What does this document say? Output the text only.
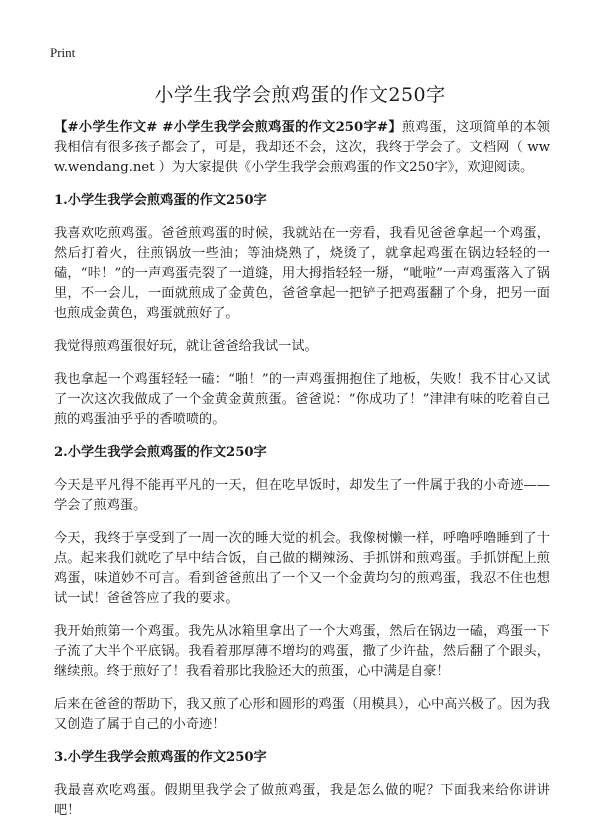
Print
小学生我学会煎鸡蛋的作文250字

【#小学生作文# #小学生我学会煎鸡蛋的作文250字#】煎鸡蛋，这项简单的本领我相信有很多孩子都会了，可是，我却还不会，这次，我终于学会了。文档网（ www.wendang.net ）为大家提供《小学生我学会煎鸡蛋的作文250字》，欢迎阅读。

1.小学生我学会煎鸡蛋的作文250字

我喜欢吃煎鸡蛋。爸爸煎鸡蛋的时候，我就站在一旁看，我看见爸爸拿起一个鸡蛋，然后打着火，往煎锅放一些油；等油烧熟了，烧烫了，就拿起鸡蛋在锅边轻轻的一磕，“咔！”的一声鸡蛋壳裂了一道缝，用大拇指轻轻一掰，“呲啦”一声鸡蛋落入了锅里，不一会儿，一面就煎成了金黄色，爸爸拿起一把铲子把鸡蛋翻了个身，把另一面也煎成金黄色，鸡蛋就煎好了。

我觉得煎鸡蛋很好玩，就让爸爸给我试一试。

我也拿起一个鸡蛋轻轻一磕：“啪！”的一声鸡蛋拥抱住了地板，失败！我不甘心又试了一次这次我做成了一个金黄金黄煎蛋。爸爸说：“你成功了！”津津有味的吃着自己煎的鸡蛋油乎乎的香喷喷的。

2.小学生我学会煎鸡蛋的作文250字

今天是平凡得不能再平凡的一天，但在吃早饭时，却发生了一件属于我的小奇迹——学会了煎鸡蛋。

今天，我终于享受到了一周一次的睡大觉的机会。我像树懒一样，呼噜呼噜睡到了十点。起来我们就吃了早中结合饭，自己做的糊辣汤、手抓饼和煎鸡蛋。手抓饼配上煎鸡蛋，味道妙不可言。看到爸爸煎出了一个又一个金黄均匀的煎鸡蛋，我忍不住也想试一试！爸爸答应了我的要求。

我开始煎第一个鸡蛋。我先从冰箱里拿出了一个大鸡蛋，然后在锅边一磕，鸡蛋一下子流了大半个平底锅。我看着那厚薄不增均的鸡蛋，撒了少许盐，然后翻了个跟头，继续煎。终于煎好了！我看着那比我脸还大的煎蛋，心中满是自豪！

后来在爸爸的帮助下，我又煎了心形和圆形的鸡蛋（用模具），心中高兴极了。因为我又创造了属于自己的小奇迹！

3.小学生我学会煎鸡蛋的作文250字

我最喜欢吃鸡蛋。假期里我学会了做煎鸡蛋，我是怎么做的呢？下面我来给你讲讲吧！
